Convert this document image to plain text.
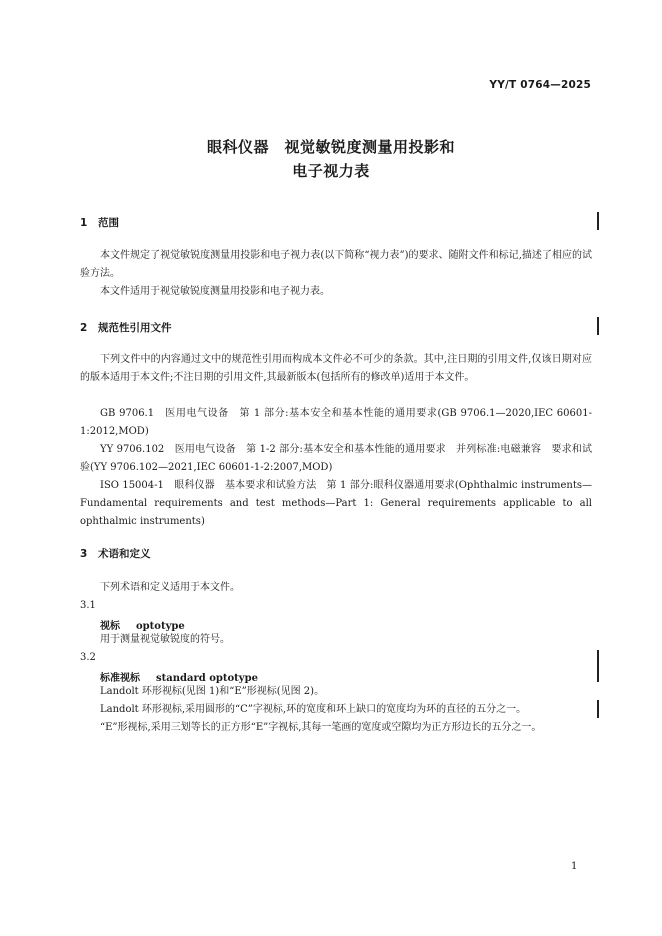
YY/T 0764—2025
眼科仪器　视觉敏锐度测量用投影和
电子视力表
1 范围
本文件规定了视觉敏锐度测量用投影和电子视力表(以下简称“视力表”)的要求、随附文件和标记,描述了相应的试验方法。
本文件适用于视觉敏锐度测量用投影和电子视力表。
2 规范性引用文件
下列文件中的内容通过文中的规范性引用而构成本文件必不可少的条款。其中,注日期的引用文件,仅该日期对应的版本适用于本文件;不注日期的引用文件,其最新版本(包括所有的修改单)适用于本文件。
GB 9706.1　医用电气设备　第 1 部分:基本安全和基本性能的通用要求(GB 9706.1—2020,IEC 60601-1:2012,MOD)
YY 9706.102　医用电气设备　第 1-2 部分:基本安全和基本性能的通用要求　并列标准:电磁兼容　要求和试验(YY 9706.102—2021,IEC 60601-1-2:2007,MOD)
ISO 15004-1　眼科仪器　基本要求和试验方法　第 1 部分:眼科仪器通用要求(Ophthalmic instruments—Fundamental requirements and test methods—Part 1: General requirements applicable to all ophthalmic instruments)
3 术语和定义
下列术语和定义适用于本文件。
3.1
视标 optotype
用于测量视觉敏锐度的符号。
3.2
标准视标 standard optotype
Landolt 环形视标(见图 1)和“E”形视标(见图 2)。
Landolt 环形视标,采用圆形的“C”字视标,环的宽度和环上缺口的宽度均为环的直径的五分之一。
“E”形视标,采用三划等长的正方形“E”字视标,其每一笔画的宽度或空隙均为正方形边长的五分之一。
1
